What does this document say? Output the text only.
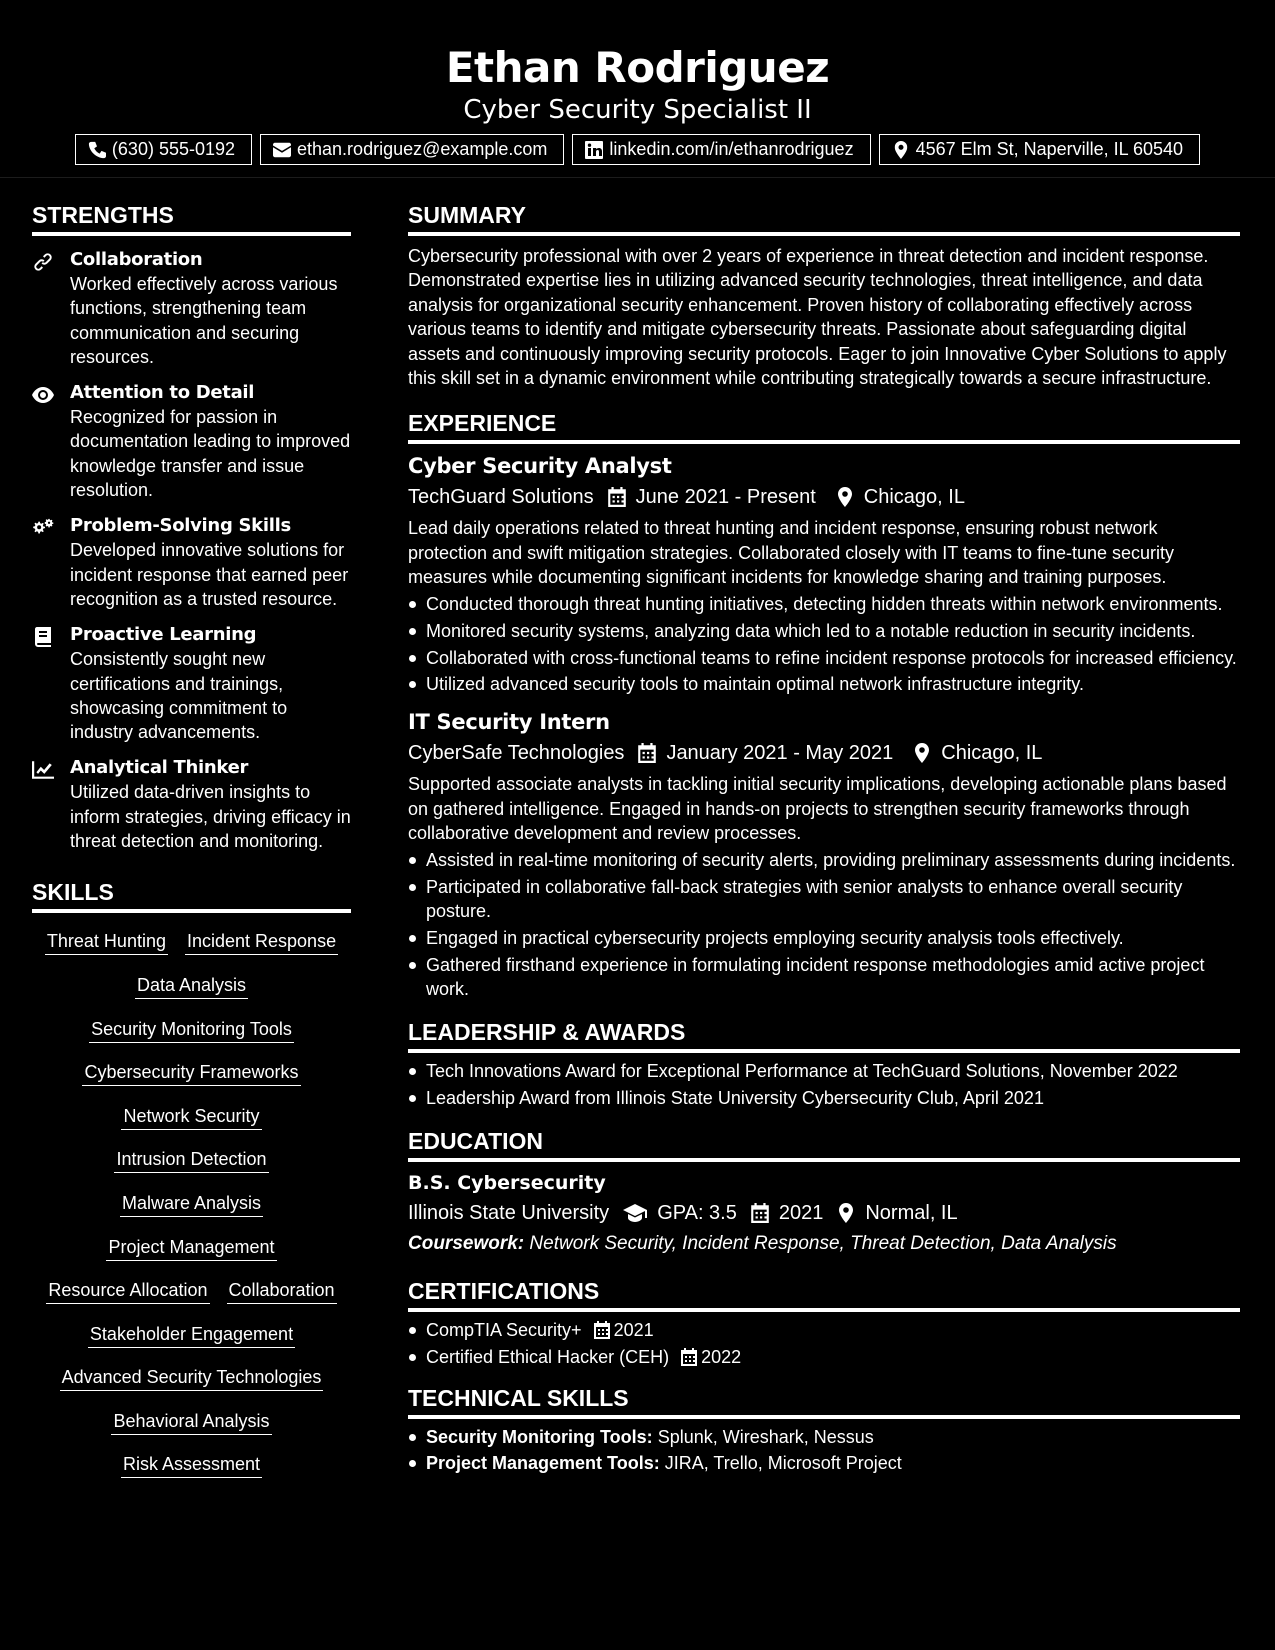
Ethan Rodriguez
Cyber Security Specialist II
(630) 555-0192	ethan.rodriguez@example.com	linkedin.com/in/ethanrodriguez	4567 Elm St, Naperville, IL 60540
STRENGTHS
Collaboration
Worked effectively across various functions, strengthening team communication and securing resources.
Attention to Detail
Recognized for passion in documentation leading to improved knowledge transfer and issue resolution.
Problem-Solving Skills
Developed innovative solutions for incident response that earned peer recognition as a trusted resource.
Proactive Learning
Consistently sought new certifications and trainings, showcasing commitment to industry advancements.
Analytical Thinker
Utilized data-driven insights to inform strategies, driving efficacy in threat detection and monitoring.
SKILLS
Threat Hunting Incident Response
Data Analysis
Security Monitoring Tools
Cybersecurity Frameworks
Network Security
Intrusion Detection
Malware Analysis
Project Management
Resource Allocation Collaboration
Stakeholder Engagement
Advanced Security Technologies
Behavioral Analysis
Risk Assessment
SUMMARY
Cybersecurity professional with over 2 years of experience in threat detection and incident response. Demonstrated expertise lies in utilizing advanced security technologies, threat intelligence, and data analysis for organizational security enhancement. Proven history of collaborating effectively across various teams to identify and mitigate cybersecurity threats. Passionate about safeguarding digital assets and continuously improving security protocols. Eager to join Innovative Cyber Solutions to apply this skill set in a dynamic environment while contributing strategically towards a secure infrastructure.
EXPERIENCE
Cyber Security Analyst
TechGuard Solutions June 2021 - Present Chicago, IL
Lead daily operations related to threat hunting and incident response, ensuring robust network protection and swift mitigation strategies. Collaborated closely with IT teams to fine-tune security measures while documenting significant incidents for knowledge sharing and training purposes.
Conducted thorough threat hunting initiatives, detecting hidden threats within network environments.
Monitored security systems, analyzing data which led to a notable reduction in security incidents.
Collaborated with cross-functional teams to refine incident response protocols for increased efficiency.
Utilized advanced security tools to maintain optimal network infrastructure integrity.
IT Security Intern
CyberSafe Technologies January 2021 - May 2021 Chicago, IL
Supported associate analysts in tackling initial security implications, developing actionable plans based on gathered intelligence. Engaged in hands-on projects to strengthen security frameworks through collaborative development and review processes.
Assisted in real-time monitoring of security alerts, providing preliminary assessments during incidents.
Participated in collaborative fall-back strategies with senior analysts to enhance overall security posture.
Engaged in practical cybersecurity projects employing security analysis tools effectively.
Gathered firsthand experience in formulating incident response methodologies amid active project work.
LEADERSHIP & AWARDS
Tech Innovations Award for Exceptional Performance at TechGuard Solutions, November 2022
Leadership Award from Illinois State University Cybersecurity Club, April 2021
EDUCATION
B.S. Cybersecurity
Illinois State University GPA: 3.5 2021 Normal, IL
Coursework: Network Security, Incident Response, Threat Detection, Data Analysis
CERTIFICATIONS
CompTIA Security+ 2021
Certified Ethical Hacker (CEH) 2022
TECHNICAL SKILLS
Security Monitoring Tools: Splunk, Wireshark, Nessus
Project Management Tools: JIRA, Trello, Microsoft Project
